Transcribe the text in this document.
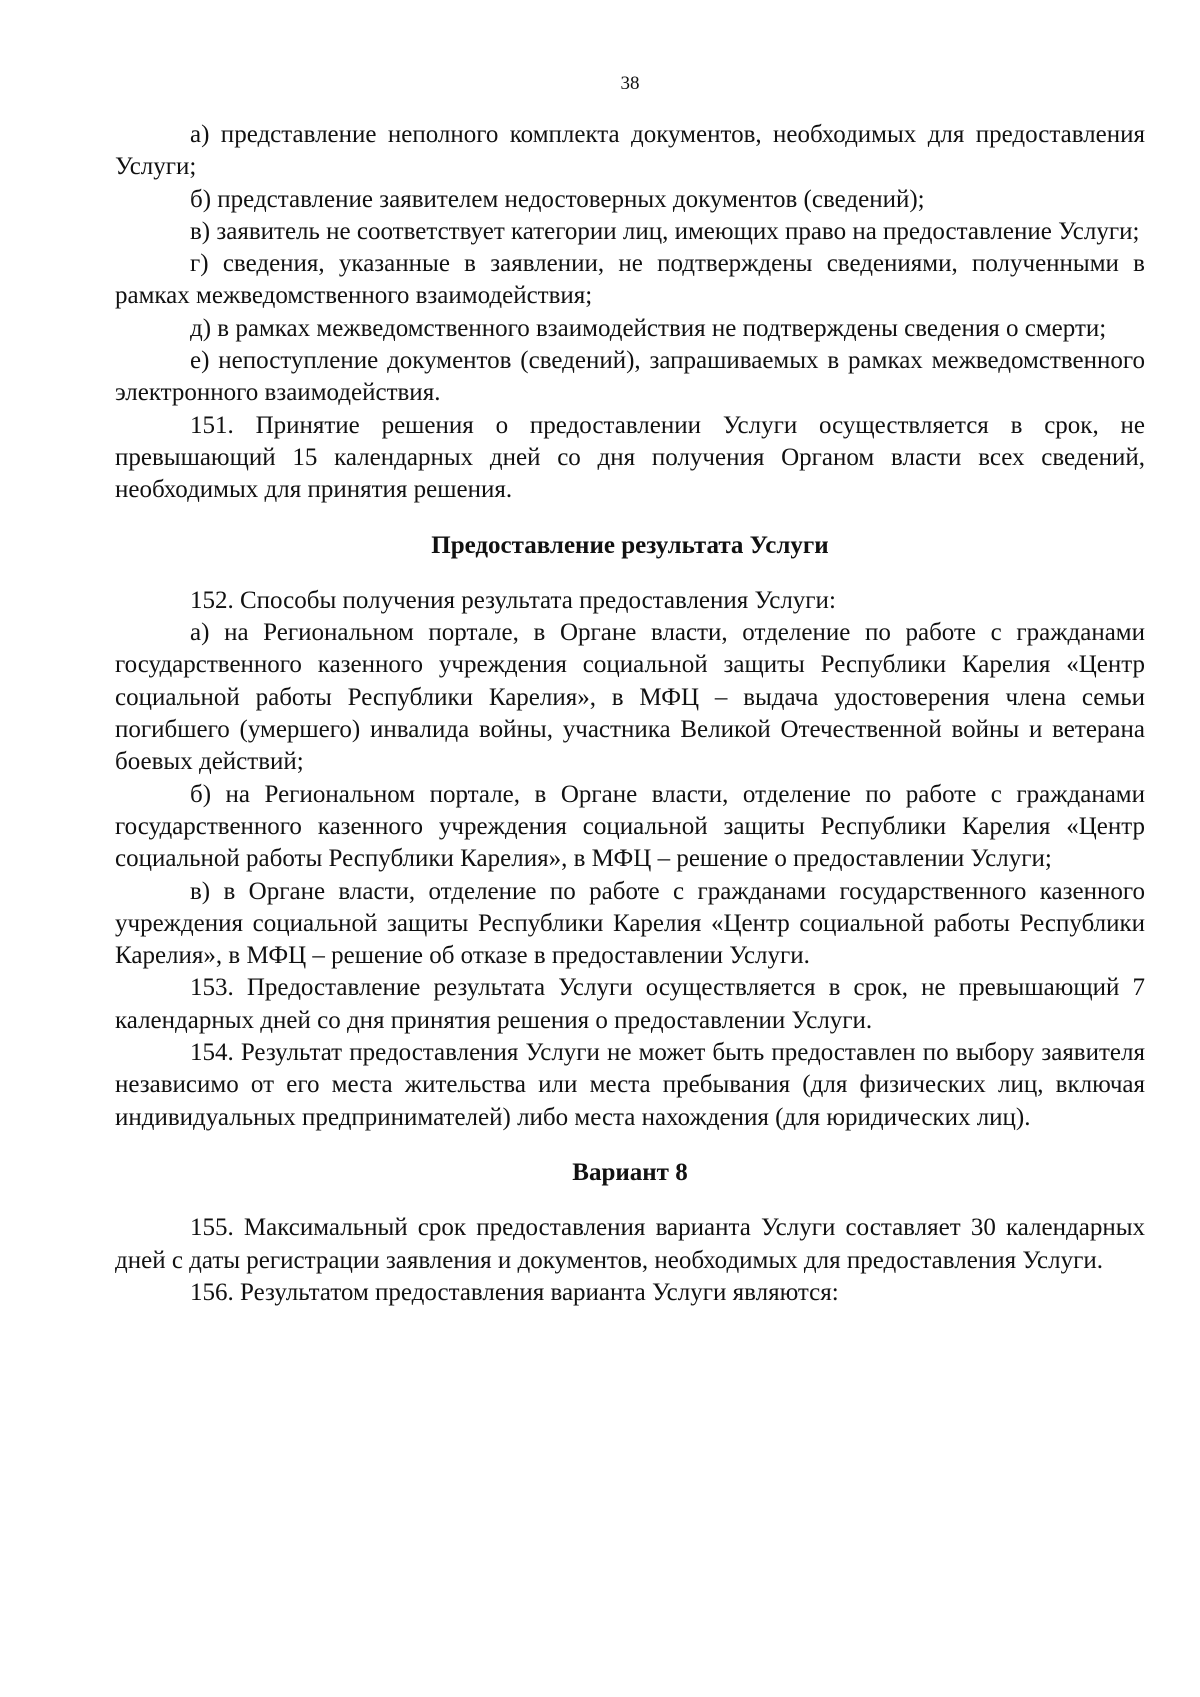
38

а) представление неполного комплекта документов, необходимых для предоставления Услуги;

б) представление заявителем недостоверных документов (сведений);

в) заявитель не соответствует категории лиц, имеющих право на предоставление Услуги;

г) сведения, указанные в заявлении, не подтверждены сведениями, полученными в рамках межведомственного взаимодействия;

д) в рамках межведомственного взаимодействия не подтверждены сведения о смерти;

е) непоступление документов (сведений), запрашиваемых в рамках межведомственного электронного взаимодействия.

151. Принятие решения о предоставлении Услуги осуществляется в срок, не превышающий 15 календарных дней со дня получения Органом власти всех сведений, необходимых для принятия решения.

Предоставление результата Услуги

152. Способы получения результата предоставления Услуги:

а) на Региональном портале, в Органе власти, отделение по работе с гражданами государственного казенного учреждения социальной защиты Республики Карелия «Центр социальной работы Республики Карелия», в МФЦ – выдача удостоверения члена семьи погибшего (умершего) инвалида войны, участника Великой Отечественной войны и ветерана боевых действий;

б) на Региональном портале, в Органе власти, отделение по работе с гражданами государственного казенного учреждения социальной защиты Республики Карелия «Центр социальной работы Республики Карелия», в МФЦ – решение о предоставлении Услуги;

в) в Органе власти, отделение по работе с гражданами государственного казенного учреждения социальной защиты Республики Карелия «Центр социальной работы Республики Карелия», в МФЦ – решение об отказе в предоставлении Услуги.

153. Предоставление результата Услуги осуществляется в срок, не превышающий 7 календарных дней со дня принятия решения о предоставлении Услуги.

154. Результат предоставления Услуги не может быть предоставлен по выбору заявителя независимо от его места жительства или места пребывания (для физических лиц, включая индивидуальных предпринимателей) либо места нахождения (для юридических лиц).

Вариант 8

155. Максимальный срок предоставления варианта Услуги составляет 30 календарных дней с даты регистрации заявления и документов, необходимых для предоставления Услуги.

156. Результатом предоставления варианта Услуги являются:
